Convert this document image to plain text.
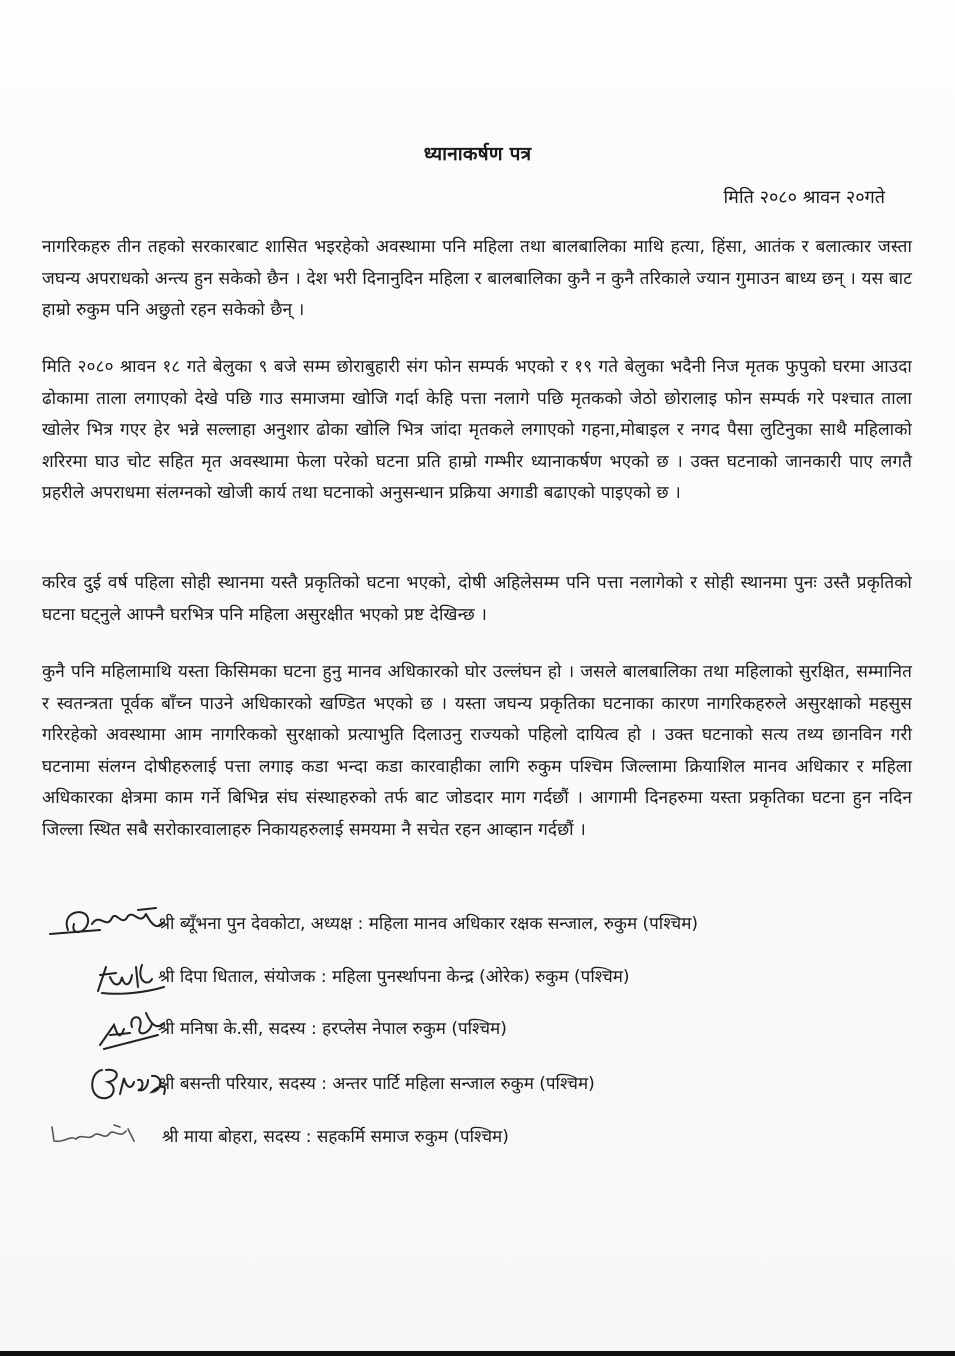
ध्यानाकर्षण पत्र
मिति २०८० श्रावन २०गते

नागरिकहरु तीन तहको सरकारबाट शासित भइरहेको अवस्थामा पनि महिला तथा बालबालिका माथि हत्या, हिंसा, आतंक र बलात्कार जस्ता जघन्य अपराधको अन्त्य हुन सकेको छैन । देश भरी दिनानुदिन महिला र बालबालिका कुनै न कुनै तरिकाले ज्यान गुमाउन बाध्य छन् । यस बाट हाम्रो रुकुम पनि अछुतो रहन सकेको छैन् ।

मिति २०८० श्रावन १८ गते बेलुका ९ बजे सम्म छोराबुहारी संग फोन सम्पर्क भएको र १९ गते बेलुका भदैनी निज मृतक फुपुको घरमा आउदा ढोकामा ताला लगाएको देखे पछि गाउ समाजमा खोजि गर्दा केहि पत्ता नलागे पछि मृतकको जेठो छोरालाइ फोन सम्पर्क गरे पश्चात ताला खोलेर भित्र गएर हेर भन्ने सल्लाहा अनुशार ढोका खोलि भित्र जांदा मृतकले लगाएको गहना,मोबाइल र नगद पैसा लुटिनुका साथै महिलाको शरिरमा घाउ चोट सहित मृत अवस्थामा फेला परेको घटना प्रति हाम्रो गम्भीर ध्यानाकर्षण भएको छ । उक्त घटनाको जानकारी पाए लगतै प्रहरीले अपराधमा संलग्नको खोजी कार्य तथा घटनाको अनुसन्धान प्रक्रिया अगाडी बढाएको पाइएको छ ।

करिव दुई वर्ष पहिला सोही स्थानमा यस्तै प्रकृतिको घटना भएको, दोषी अहिलेसम्म पनि पत्ता नलागेको र सोही स्थानमा पुनः उस्तै प्रकृतिको घटना घट्नुले आफ्नै घरभित्र पनि महिला असुरक्षीत भएको प्रष्ट देखिन्छ ।

कुनै पनि महिलामाथि यस्ता किसिमका घटना हुनु मानव अधिकारको घोर उल्लंघन हो । जसले बालबालिका तथा महिलाको सुरक्षित, सम्मानित र स्वतन्त्रता पूर्वक बाँच्न पाउने अधिकारको खण्डित भएको छ । यस्ता जघन्य प्रकृतिका घटनाका कारण नागरिकहरुले असुरक्षाको महसुस गरिरहेको अवस्थामा आम नागरिकको सुरक्षाको प्रत्याभुति दिलाउनु राज्यको पहिलो दायित्व हो । उक्त घटनाको सत्य तथ्य छानविन गरी घटनामा संलग्न दोषीहरुलाई पत्ता लगाइ कडा भन्दा कडा कारवाहीका लागि रुकुम पश्चिम जिल्लामा क्रियाशिल मानव अधिकार र महिला अधिकारका क्षेत्रमा काम गर्ने बिभिन्न संघ संस्थाहरुको तर्फ बाट जोडदार माग गर्दछौं । आगामी दिनहरुमा यस्ता प्रकृतिका घटना हुन नदिन जिल्ला स्थित सबै सरोकारवालाहरु निकायहरुलाई समयमा नै सचेत रहन आव्हान गर्दछौं ।

श्री ब्यूँभना पुन देवकोटा, अध्यक्ष : महिला मानव अधिकार रक्षक सन्जाल, रुकुम (पश्चिम)
श्री दिपा धिताल, संयोजक : महिला पुनर्स्थापना केन्द्र (ओरेक) रुकुम (पश्चिम)
श्री मनिषा के.सी, सदस्य : हरप्लेस नेपाल रुकुम (पश्चिम)
श्री बसन्ती परियार, सदस्य : अन्तर पार्टि महिला सन्जाल रुकुम (पश्चिम)
श्री माया बोहरा, सदस्य : सहकर्मि समाज रुकुम (पश्चिम)
